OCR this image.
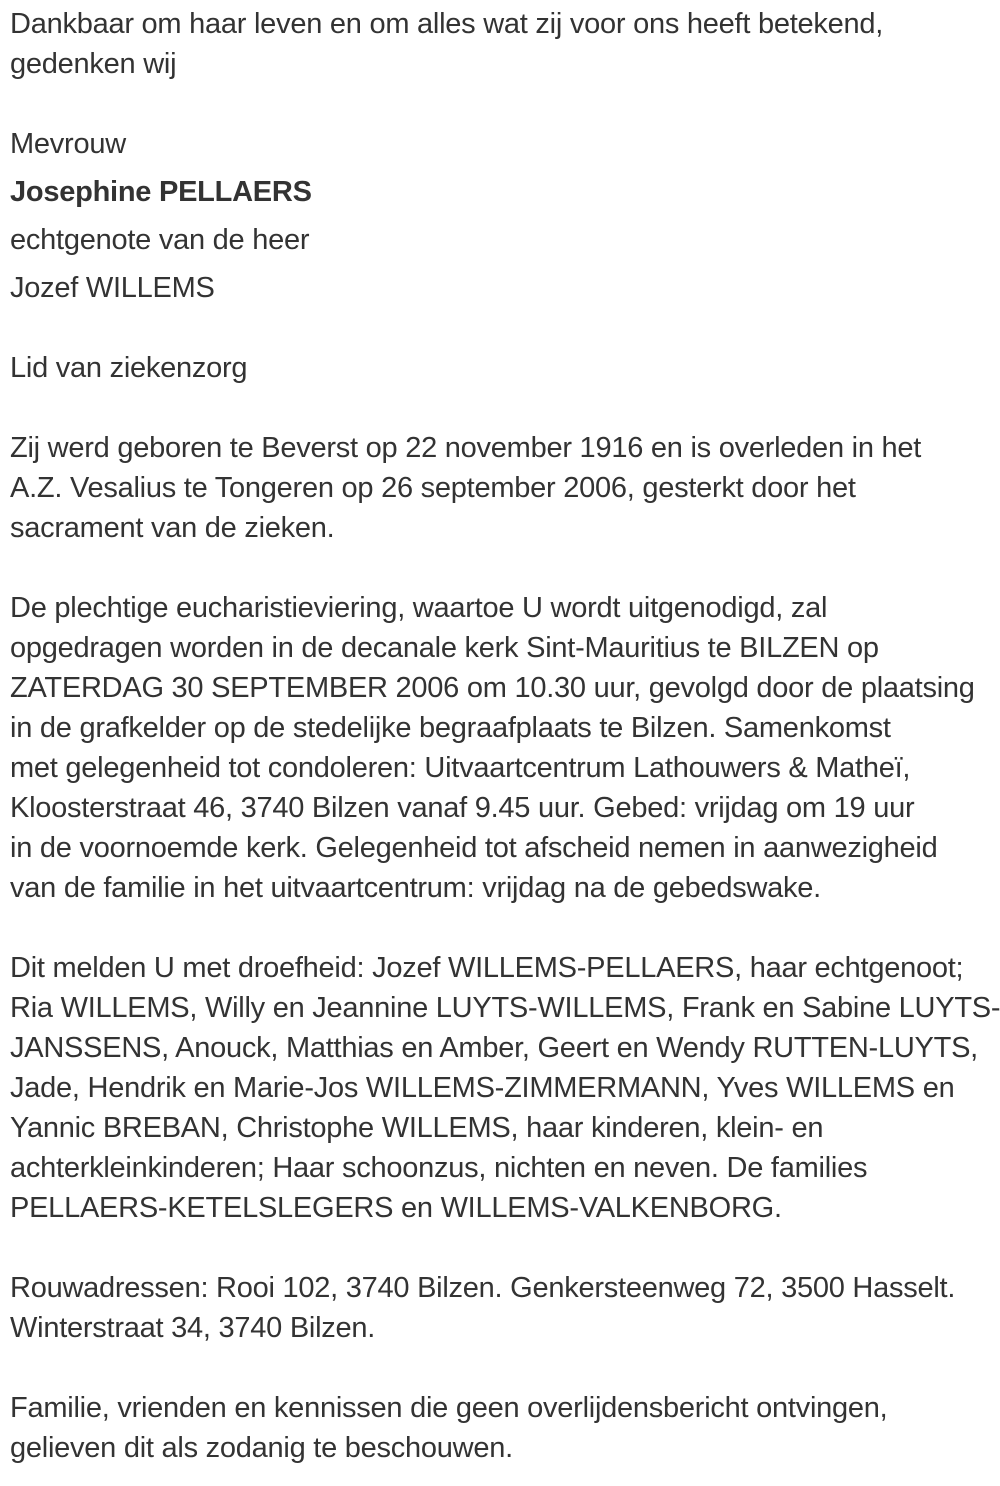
Dankbaar om haar leven en om alles wat zij voor ons heeft betekend,
gedenken wij
Mevrouw
Josephine PELLAERS
echtgenote van de heer
Jozef WILLEMS
Lid van ziekenzorg
Zij werd geboren te Beverst op 22 november 1916 en is overleden in het
A.Z. Vesalius te Tongeren op 26 september 2006, gesterkt door het
sacrament van de zieken.
De plechtige eucharistieviering, waartoe U wordt uitgenodigd, zal
opgedragen worden in de decanale kerk Sint-Mauritius te BILZEN op
ZATERDAG 30 SEPTEMBER 2006 om 10.30 uur, gevolgd door de plaatsing
in de grafkelder op de stedelijke begraafplaats te Bilzen. Samenkomst
met gelegenheid tot condoleren: Uitvaartcentrum Lathouwers & Matheï,
Kloosterstraat 46, 3740 Bilzen vanaf 9.45 uur. Gebed: vrijdag om 19 uur
in de voornoemde kerk. Gelegenheid tot afscheid nemen in aanwezigheid
van de familie in het uitvaartcentrum: vrijdag na de gebedswake.
Dit melden U met droefheid: Jozef WILLEMS-PELLAERS, haar echtgenoot;
Ria WILLEMS, Willy en Jeannine LUYTS-WILLEMS, Frank en Sabine LUYTS-
JANSSENS, Anouck, Matthias en Amber, Geert en Wendy RUTTEN-LUYTS,
Jade, Hendrik en Marie-Jos WILLEMS-ZIMMERMANN, Yves WILLEMS en
Yannic BREBAN, Christophe WILLEMS, haar kinderen, klein- en
achterkleinkinderen; Haar schoonzus, nichten en neven. De families
PELLAERS-KETELSLEGERS en WILLEMS-VALKENBORG.
Rouwadressen: Rooi 102, 3740 Bilzen. Genkersteenweg 72, 3500 Hasselt.
Winterstraat 34, 3740 Bilzen.
Familie, vrienden en kennissen die geen overlijdensbericht ontvingen,
gelieven dit als zodanig te beschouwen.
